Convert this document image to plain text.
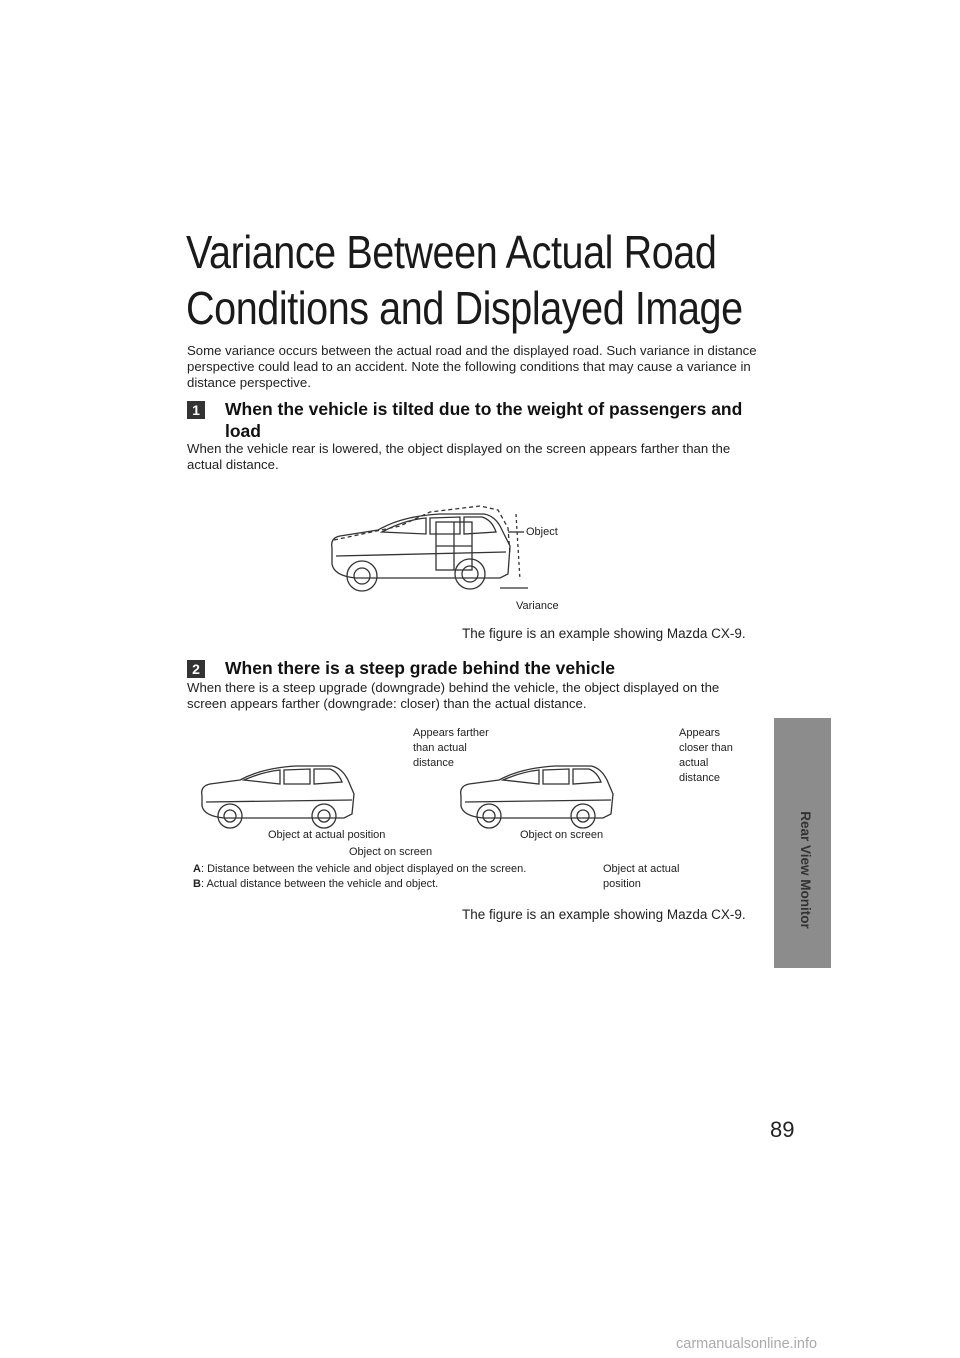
Variance Between Actual Road
Conditions and Displayed Image
Some variance occurs between the actual road and the displayed road. Such variance in distance perspective could lead to an accident. Note the following conditions that may cause a variance in distance perspective.
1 When the vehicle is tilted due to the weight of passengers and load
When the vehicle rear is lowered, the object displayed on the screen appears farther than the actual distance.
Object
Variance
The figure is an example showing Mazda CX-9.
2 When there is a steep grade behind the vehicle
When there is a steep upgrade (downgrade) behind the vehicle, the object displayed on the screen appears farther (downgrade: closer) than the actual distance.
Appears farther than actual distance
Appears closer than actual distance
Object at actual position
Object on screen
Object on screen
Object at actual position
A: Distance between the vehicle and object displayed on the screen.
B: Actual distance between the vehicle and object.
The figure is an example showing Mazda CX-9.	Rear View Monitor
89
carmanualsonline.info
